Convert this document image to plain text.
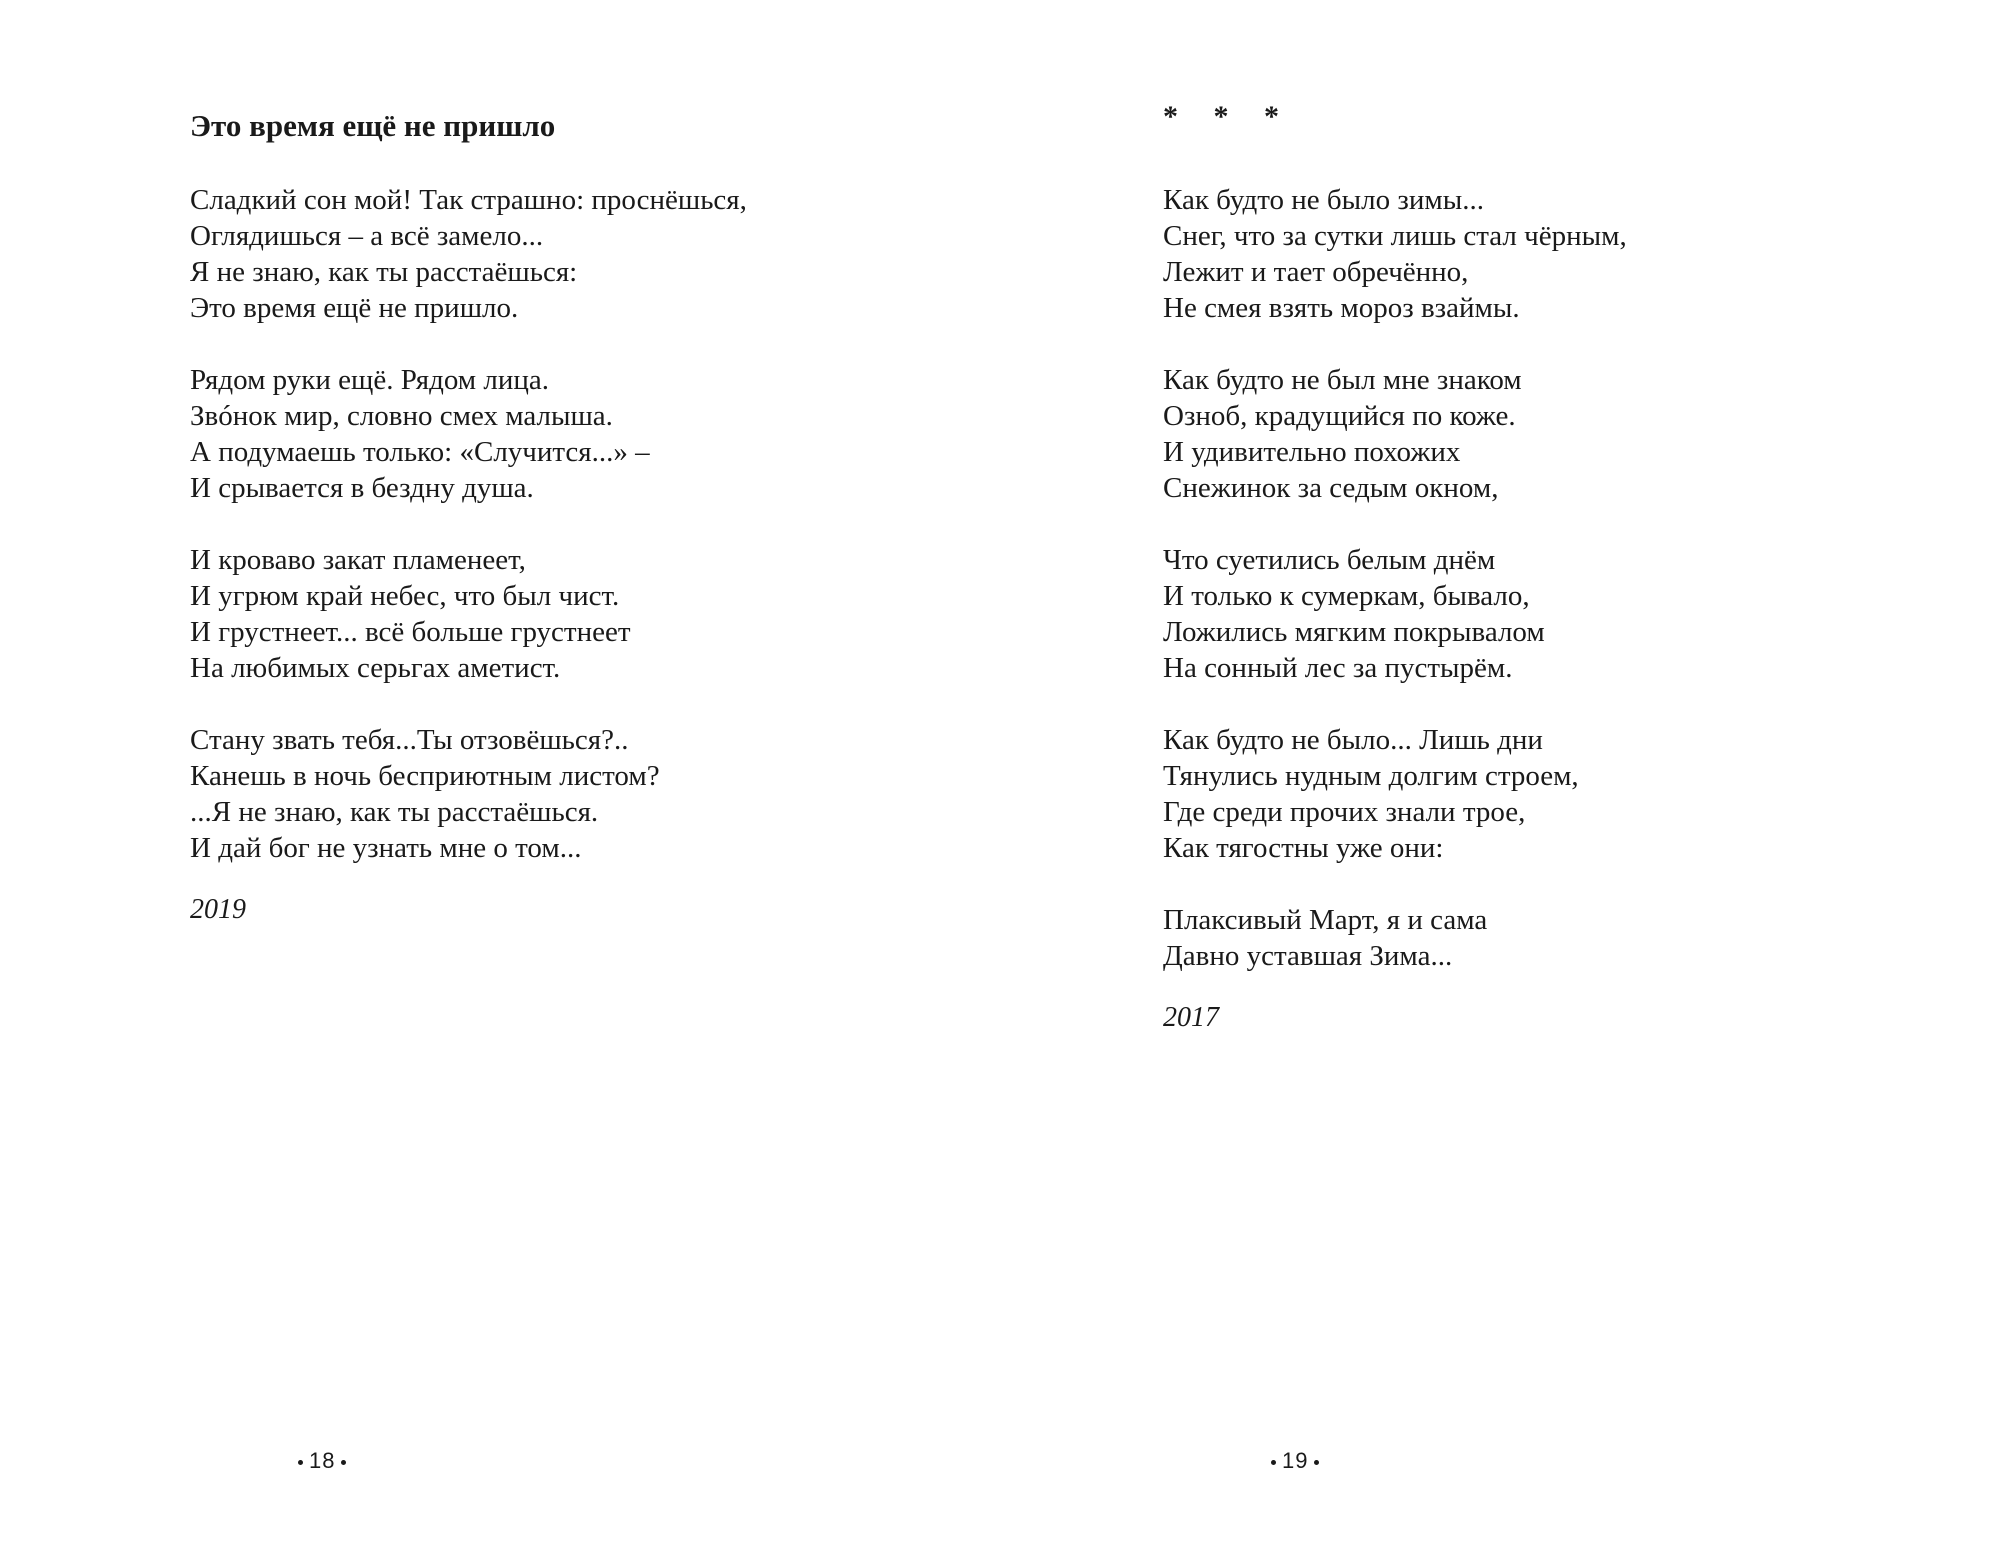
Это время ещё не пришло

Сладкий сон мой! Так страшно: проснёшься,
Оглядишься – а всё замело...
Я не знаю, как ты расстаёшься:
Это время ещё не пришло.

Рядом руки ещё. Рядом лица.
Звóнок мир, словно смех малыша.
А подумаешь только: «Случится...» –
И срывается в бездну душа.

И кроваво закат пламенеет,
И угрюм край небес, что был чист.
И грустнеет... всё больше грустнеет
На любимых серьгах аметист.

Стану звать тебя...Ты отзовёшься?..
Канешь в ночь бесприютным листом?
...Я не знаю, как ты расстаёшься.
И дай бог не узнать мне о том...

2019
18
* * *

Как будто не было зимы...
Снег, что за сутки лишь стал чёрным,
Лежит и тает обречённо,
Не смея взять мороз взаймы.

Как будто не был мне знаком
Озноб, крадущийся по коже.
И удивительно похожих
Снежинок за седым окном,

Что суетились белым днём
И только к сумеркам, бывало,
Ложились мягким покрывалом
На сонный лес за пустырём.

Как будто не было... Лишь дни
Тянулись нудным долгим строем,
Где среди прочих знали трое,
Как тягостны уже они:

Плаксивый Март, я и сама
Давно уставшая Зима...

2017
19
